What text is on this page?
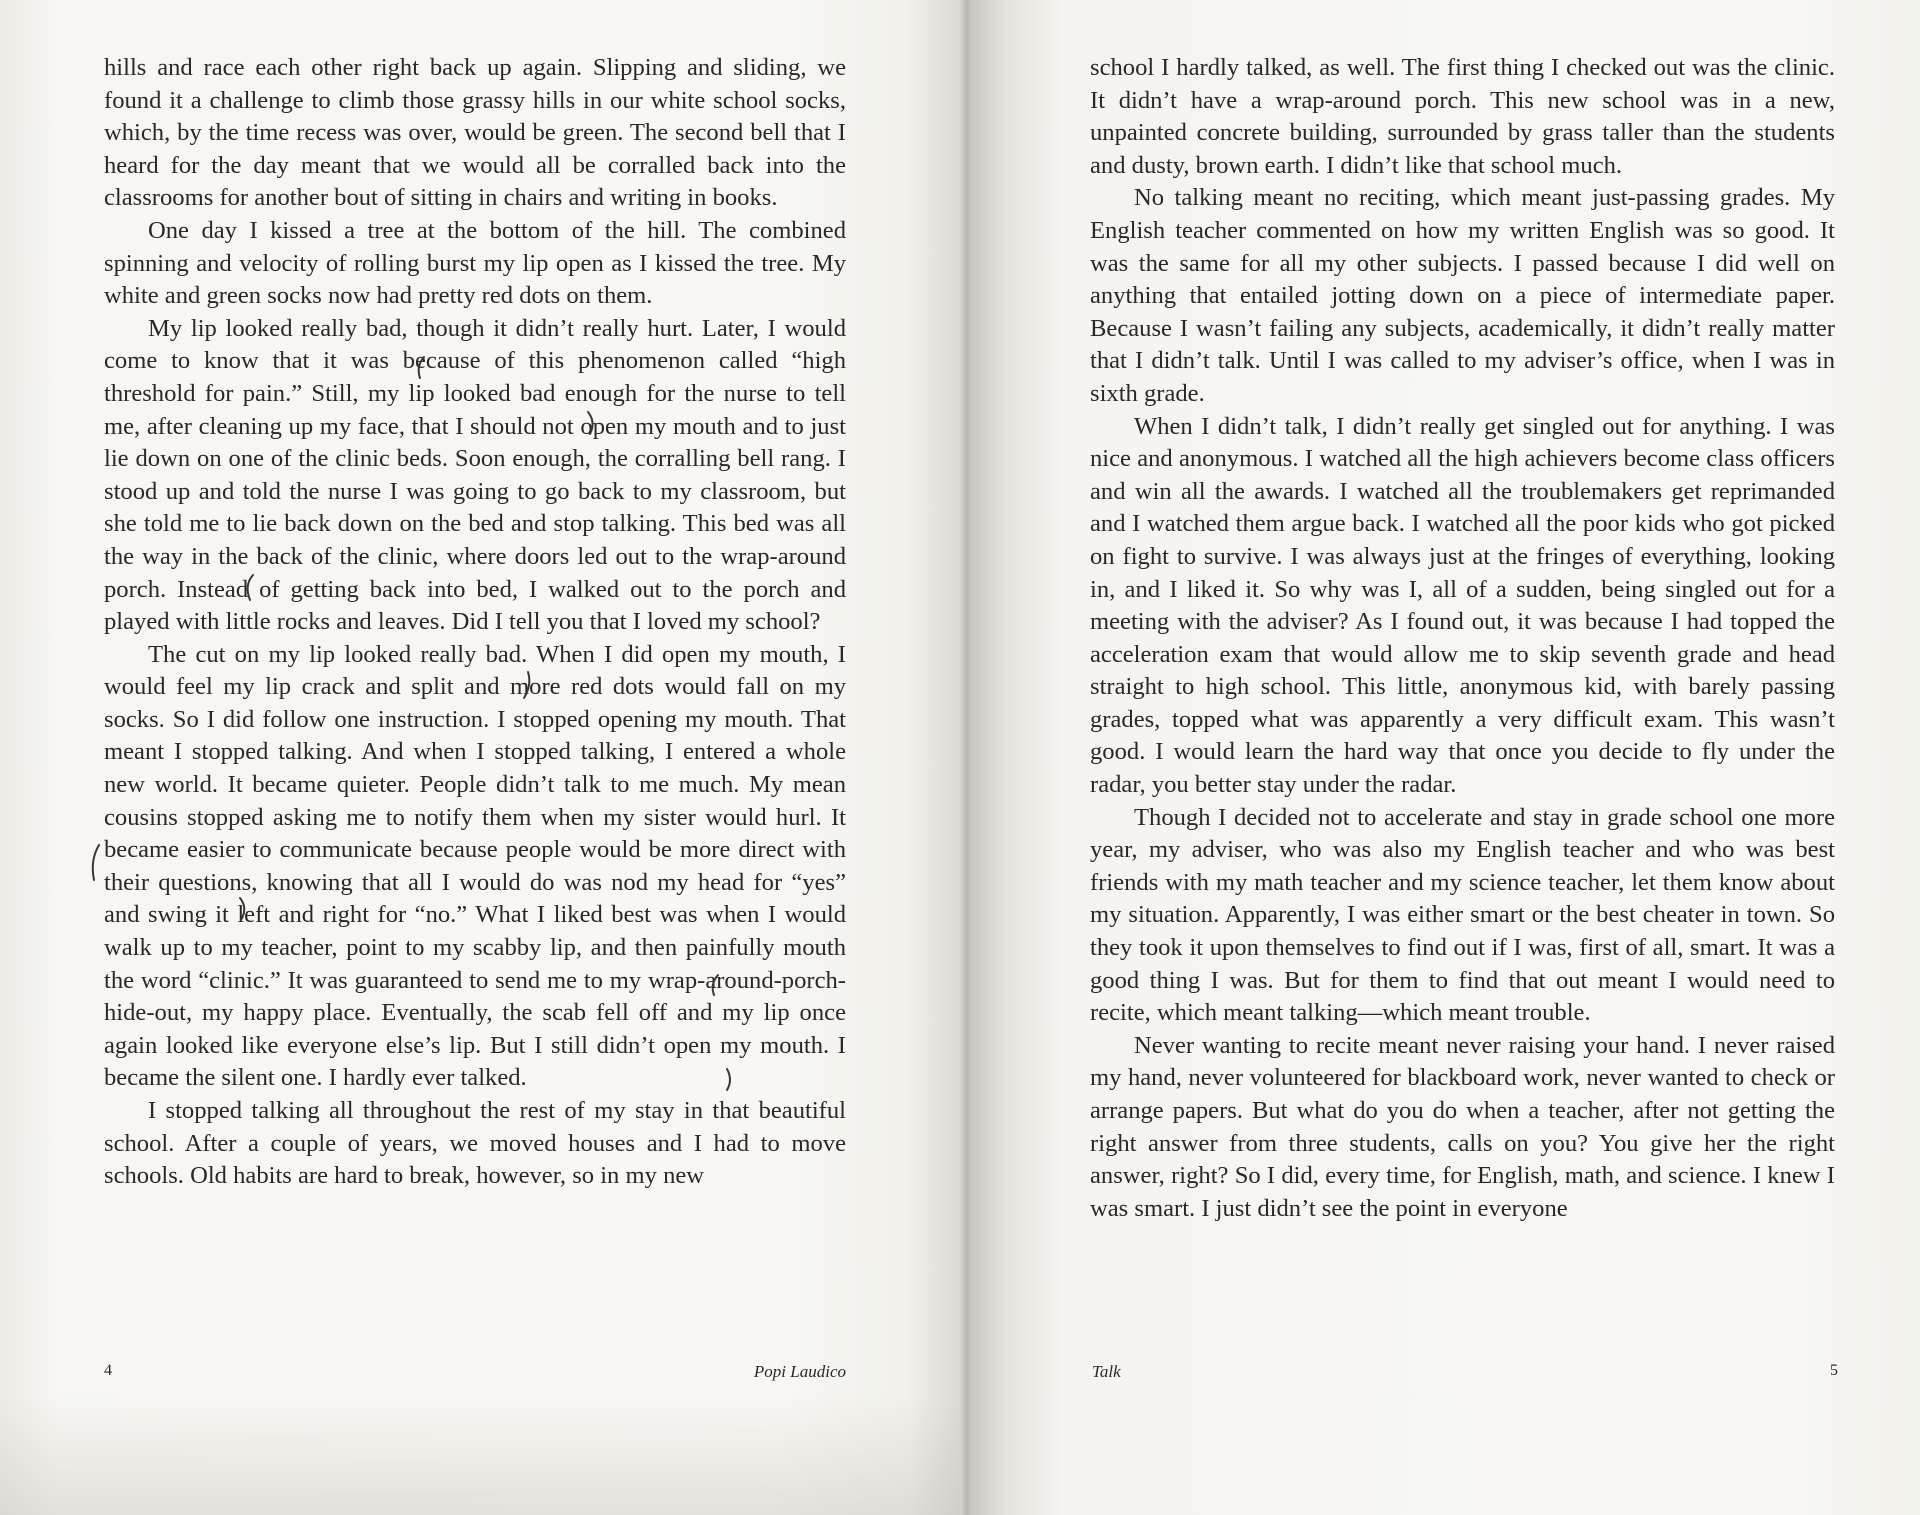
hills and race each other right back up again. Slipping and sliding, we found it a challenge to climb those grassy hills in our white school socks, which, by the time recess was over, would be green. The second bell that I heard for the day meant that we would all be corralled back into the classrooms for another bout of sitting in chairs and writing in books.

One day I kissed a tree at the bottom of the hill. The combined spinning and velocity of rolling burst my lip open as I kissed the tree. My white and green socks now had pretty red dots on them.

My lip looked really bad, though it didn’t really hurt. Later, I would come to know that it was because of this phenomenon called “high threshold for pain.” Still, my lip looked bad enough for the nurse to tell me, after cleaning up my face, that I should not open my mouth and to just lie down on one of the clinic beds. Soon enough, the corralling bell rang. I stood up and told the nurse I was going to go back to my classroom, but she told me to lie back down on the bed and stop talking. This bed was all the way in the back of the clinic, where doors led out to the wrap-around porch. Instead of getting back into bed, I walked out to the porch and played with little rocks and leaves. Did I tell you that I loved my school?

The cut on my lip looked really bad. When I did open my mouth, I would feel my lip crack and split and more red dots would fall on my socks. So I did follow one instruction. I stopped opening my mouth. That meant I stopped talking. And when I stopped talking, I entered a whole new world. It became quieter. People didn’t talk to me much. My mean cousins stopped asking me to notify them when my sister would hurl. It became easier to communicate because people would be more direct with their questions, knowing that all I would do was nod my head for “yes” and swing it left and right for “no.” What I liked best was when I would walk up to my teacher, point to my scabby lip, and then painfully mouth the word “clinic.” It was guaranteed to send me to my wrap-around-porch-hide-out, my happy place. Eventually, the scab fell off and my lip once again looked like everyone else’s lip. But I still didn’t open my mouth. I became the silent one. I hardly ever talked.

I stopped talking all throughout the rest of my stay in that beautiful school. After a couple of years, we moved houses and I had to move schools. Old habits are hard to break, however, so in my new

4	Popi Laudico

school I hardly talked, as well. The first thing I checked out was the clinic. It didn’t have a wrap-around porch. This new school was in a new, unpainted concrete building, surrounded by grass taller than the students and dusty, brown earth. I didn’t like that school much.

No talking meant no reciting, which meant just-passing grades. My English teacher commented on how my written English was so good. It was the same for all my other subjects. I passed because I did well on anything that entailed jotting down on a piece of intermediate paper. Because I wasn’t failing any subjects, academically, it didn’t really matter that I didn’t talk. Until I was called to my adviser’s office, when I was in sixth grade.

When I didn’t talk, I didn’t really get singled out for anything. I was nice and anonymous. I watched all the high achievers become class officers and win all the awards. I watched all the troublemakers get reprimanded and I watched them argue back. I watched all the poor kids who got picked on fight to survive. I was always just at the fringes of everything, looking in, and I liked it. So why was I, all of a sudden, being singled out for a meeting with the adviser? As I found out, it was because I had topped the acceleration exam that would allow me to skip seventh grade and head straight to high school. This little, anonymous kid, with barely passing grades, topped what was apparently a very difficult exam. This wasn’t good. I would learn the hard way that once you decide to fly under the radar, you better stay under the radar.

Though I decided not to accelerate and stay in grade school one more year, my adviser, who was also my English teacher and who was best friends with my math teacher and my science teacher, let them know about my situation. Apparently, I was either smart or the best cheater in town. So they took it upon themselves to find out if I was, first of all, smart. It was a good thing I was. But for them to find that out meant I would need to recite, which meant talking—which meant trouble.

Never wanting to recite meant never raising your hand. I never raised my hand, never volunteered for blackboard work, never wanted to check or arrange papers. But what do you do when a teacher, after not getting the right answer from three students, calls on you? You give her the right answer, right? So I did, every time, for English, math, and science. I knew I was smart. I just didn’t see the point in everyone

Talk	5
